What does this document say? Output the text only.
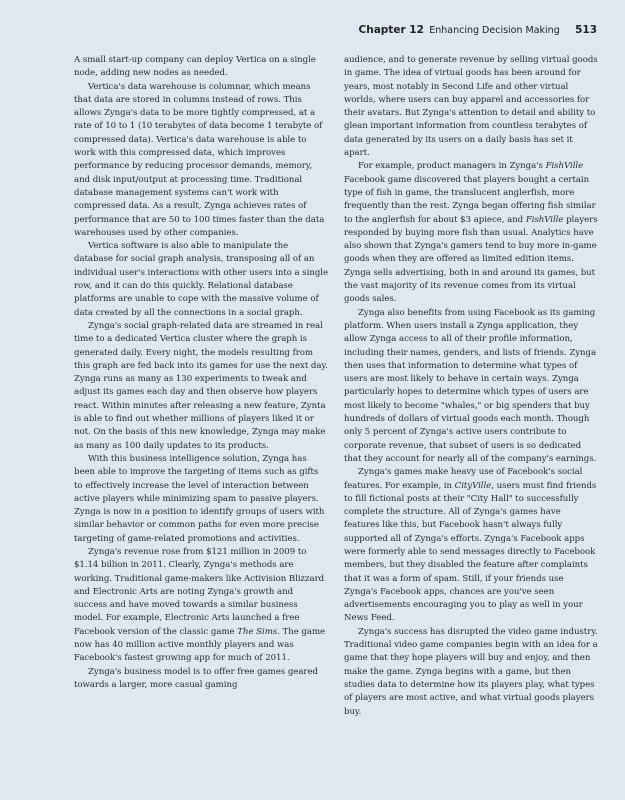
Chapter 12 Enhancing Decision Making 513

A small start-up company can deploy Vertica on a single node, adding new nodes as needed.

Vertica's data warehouse is columnar, which means that data are stored in columns instead of rows. This allows Zynga's data to be more tightly compressed, at a rate of 10 to 1 (10 terabytes of data become 1 terabyte of compressed data). Vertica's data warehouse is able to work with this compressed data, which improves performance by reducing processor demands, memory, and disk input/output at processing time. Traditional database management systems can't work with compressed data. As a result, Zynga achieves rates of performance that are 50 to 100 times faster than the data warehouses used by other companies.

Vertica software is also able to manipulate the database for social graph analysis, transposing all of an individual user's interactions with other users into a single row, and it can do this quickly. Relational database platforms are unable to cope with the massive volume of data created by all the connections in a social graph.

Zynga's social graph-related data are streamed in real time to a dedicated Vertica cluster where the graph is generated daily. Every night, the models resulting from this graph are fed back into its games for use the next day. Zynga runs as many as 130 experiments to tweak and adjust its games each day and then observe how players react. Within minutes after releasing a new feature, Zynta is able to find out whether millions of players liked it or not. On the basis of this new knowledge, Zynga may make as many as 100 daily updates to its products.

With this business intelligence solution, Zynga has been able to improve the targeting of items such as gifts to effectively increase the level of interaction between active players while minimizing spam to passive players. Zynga is now in a position to identify groups of users with similar behavior or common paths for even more precise targeting of game-related promotions and activities.

Zynga's revenue rose from $121 million in 2009 to $1.14 billion in 2011. Clearly, Zynga's methods are working. Traditional game-makers like Activision Blizzard and Electronic Arts are noting Zynga's growth and success and have moved towards a similar business model. For example, Electronic Arts launched a free Facebook version of the classic game The Sims. The game now has 40 million active monthly players and was Facebook's fastest growing app for much of 2011.

Zynga's business model is to offer free games geared towards a larger, more casual gaming

audience, and to generate revenue by selling virtual goods in game. The idea of virtual goods has been around for years, most notably in Second Life and other virtual worlds, where users can buy apparel and accessories for their avatars. But Zynga's attention to detail and ability to glean important information from countless terabytes of data generated by its users on a daily basis has set it apart.

For example, product managers in Zynga's FishVille Facebook game discovered that players bought a certain type of fish in game, the translucent anglerfish, more frequently than the rest. Zynga began offering fish similar to the anglerfish for about $3 apiece, and FishVille players responded by buying more fish than usual. Analytics have also shown that Zynga's gamers tend to buy more in-game goods when they are offered as limited edition items. Zynga sells advertising, both in and around its games, but the vast majority of its revenue comes from its virtual goods sales.

Zynga also benefits from using Facebook as its gaming platform. When users install a Zynga application, they allow Zynga access to all of their profile information, including their names, genders, and lists of friends. Zynga then uses that information to determine what types of users are most likely to behave in certain ways. Zynga particularly hopes to determine which types of users are most likely to become "whales," or big spenders that buy hundreds of dollars of virtual goods each month. Though only 5 percent of Zynga's active users contribute to corporate revenue, that subset of users is so dedicated that they account for nearly all of the company's earnings.

Zynga's games make heavy use of Facebook's social features. For example, in CityVille, users must find friends to fill fictional posts at their "City Hall" to successfully complete the structure. All of Zynga's games have features like this, but Facebook hasn't always fully supported all of Zynga's efforts. Zynga's Facebook apps were formerly able to send messages directly to Facebook members, but they disabled the feature after complaints that it was a form of spam. Still, if your friends use Zynga's Facebook apps, chances are you've seen advertisements encouraging you to play as well in your News Feed.

Zynga's success has disrupted the video game industry. Traditional video game companies begin with an idea for a game that they hope players will buy and enjoy, and then make the game. Zynga begins with a game, but then studies data to determine how its players play, what types of players are most active, and what virtual goods players buy.
